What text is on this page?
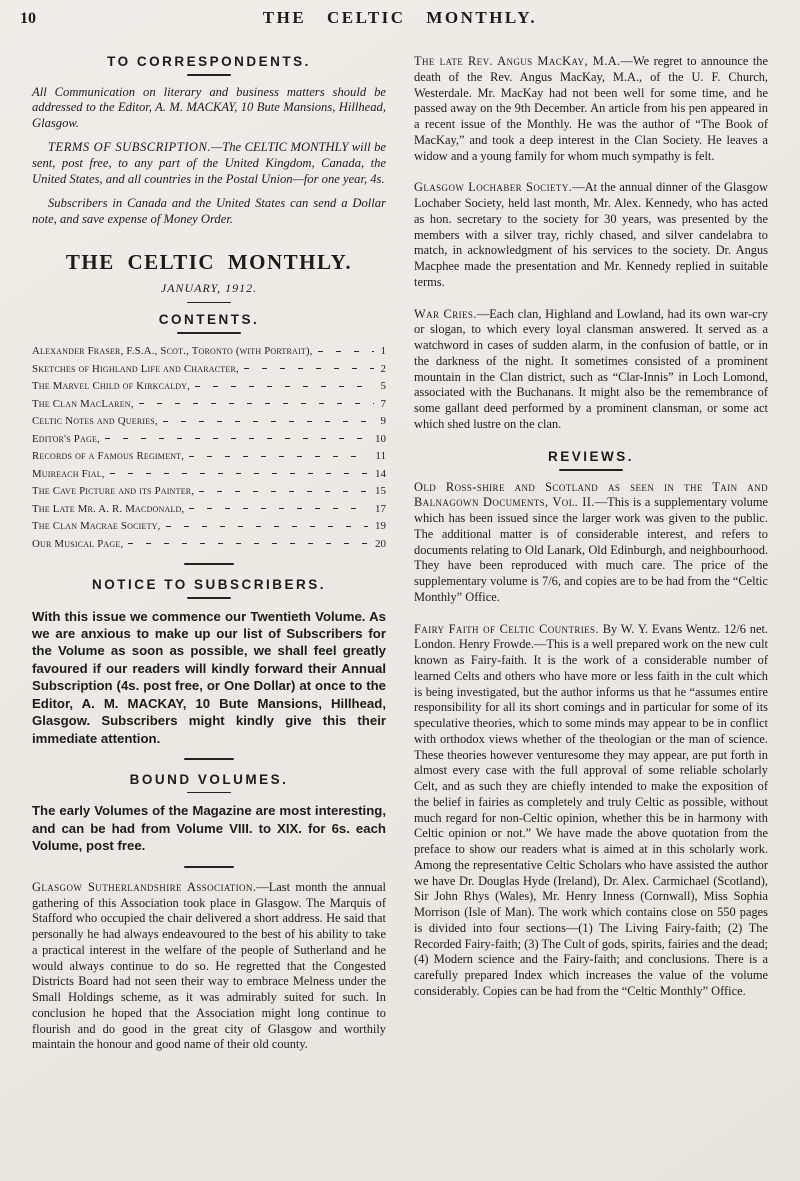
10	THE CELTIC MONTHLY.
TO CORRESPONDENTS.

All Communication on literary and business matters should be addressed to the Editor, A. M. MACKAY, 10 Bute Mansions, Hillhead, Glasgow.

TERMS OF SUBSCRIPTION.—The CELTIC MONTHLY will be sent, post free, to any part of the United Kingdom, Canada, the United States, and all countries in the Postal Union—for one year, 4s.

Subscribers in Canada and the United States can send a Dollar note, and save expense of Money Order.

THE CELTIC MONTHLY.

JANUARY, 1912.

CONTENTS.
Alexander Fraser, F.S.A., Scot., Toronto (with Portrait),	1
Sketches of Highland Life and Character,	2
The Marvel Child of Kirkcaldy,	5
The Clan MacLaren,	7
Celtic Notes and Queries,	9
Editor's Page,	10
Records of a Famous Regiment,	11
Muireach Fial,	14
The Cave Picture and its Painter,	15
The Late Mr. A. R. Macdonald,	17
The Clan Macrae Society,	19
Our Musical Page,	20
NOTICE TO SUBSCRIBERS.

With this issue we commence our Twentieth Volume. As we are anxious to make up our list of Subscribers for the Volume as soon as possible, we shall feel greatly favoured if our readers will kindly forward their Annual Subscription (4s. post free, or One Dollar) at once to the Editor, A. M. MACKAY, 10 Bute Mansions, Hillhead, Glasgow. Subscribers might kindly give this their immediate attention.

BOUND VOLUMES.

The early Volumes of the Magazine are most interesting, and can be had from Volume VIII. to XIX. for 6s. each Volume, post free.

Glasgow Sutherlandshire Association.—Last month the annual gathering of this Association took place in Glasgow. The Marquis of Stafford who occupied the chair delivered a short address. He said that personally he had always endeavoured to the best of his ability to take a practical interest in the welfare of the people of Sutherland and he would always continue to do so. He regretted that the Congested Districts Board had not seen their way to embrace Melness under the Small Holdings scheme, as it was admirably suited for such. In conclusion he hoped that the Association might long continue to flourish and do good in the great city of Glasgow and worthily maintain the honour and good name of their old county.

The late Rev. Angus MacKay, M.A.—We regret to announce the death of the Rev. Angus MacKay, M.A., of the U. F. Church, Westerdale. Mr. MacKay had not been well for some time, and he passed away on the 9th December. An article from his pen appeared in a recent issue of the Monthly. He was the author of “The Book of MacKay,” and took a deep interest in the Clan Society. He leaves a widow and a young family for whom much sympathy is felt.

Glasgow Lochaber Society.—At the annual dinner of the Glasgow Lochaber Society, held last month, Mr. Alex. Kennedy, who has acted as hon. secretary to the society for 30 years, was presented by the members with a silver tray, richly chased, and silver candelabra to match, in acknowledgment of his services to the society. Dr. Angus Macphee made the presentation and Mr. Kennedy replied in suitable terms.

War Cries.—Each clan, Highland and Lowland, had its own war-cry or slogan, to which every loyal clansman answered. It served as a watchword in cases of sudden alarm, in the confusion of battle, or in the darkness of the night. It sometimes consisted of a prominent mountain in the Clan district, such as “Clar-Innis” in Loch Lomond, associated with the Buchanans. It might also be the remembrance of some gallant deed performed by a prominent clansman, or some act which shed lustre on the clan.

REVIEWS.

Old Ross-shire and Scotland as seen in the Tain and Balnagown Documents, Vol. II.—This is a supplementary volume which has been issued since the larger work was given to the public. The additional matter is of considerable interest, and refers to documents relating to Old Lanark, Old Edinburgh, and neighbourhood. They have been reproduced with much care. The price of the supplementary volume is 7/6, and copies are to be had from the “Celtic Monthly” Office.

Fairy Faith of Celtic Countries. By W. Y. Evans Wentz. 12/6 net. London. Henry Frowde.—This is a well prepared work on the new cult known as Fairy-faith. It is the work of a considerable number of learned Celts and others who have more or less faith in the cult which is being investigated, but the author informs us that he “assumes entire responsibility for all its short comings and in particular for some of its speculative theories, which to some minds may appear to be in conflict with orthodox views whether of the theologian or the man of science. These theories however venturesome they may appear, are put forth in almost every case with the full approval of some reliable scholarly Celt, and as such they are chiefly intended to make the exposition of the belief in fairies as completely and truly Celtic as possible, without much regard for non-Celtic opinion, whether this be in harmony with Celtic opinion or not.” We have made the above quotation from the preface to show our readers what is aimed at in this scholarly work. Among the representative Celtic Scholars who have assisted the author we have Dr. Douglas Hyde (Ireland), Dr. Alex. Carmichael (Scotland), Sir John Rhys (Wales), Mr. Henry Inness (Cornwall), Miss Sophia Morrison (Isle of Man). The work which contains close on 550 pages is divided into four sections—(1) The Living Fairy-faith; (2) The Recorded Fairy-faith; (3) The Cult of gods, spirits, fairies and the dead; (4) Modern science and the Fairy-faith; and conclusions. There is a carefully prepared Index which increases the value of the volume considerably. Copies can be had from the “Celtic Monthly” Office.
